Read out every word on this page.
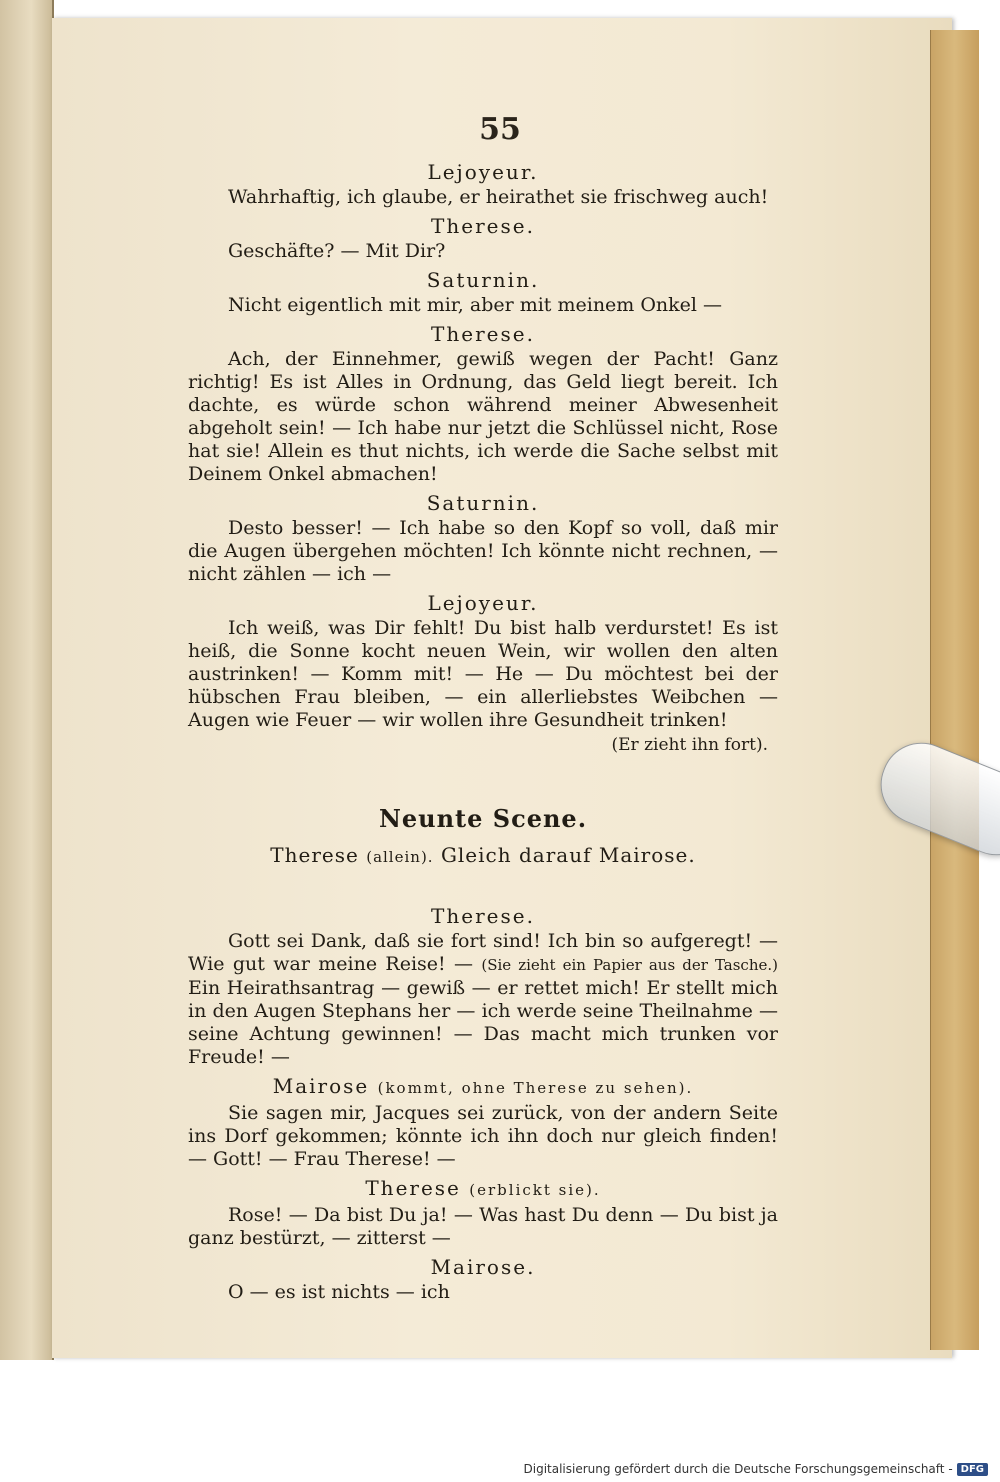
55
Lejoyeur.

Wahrhaftig, ich glaube, er heirathet sie frischweg auch!

Therese.

Geschäfte? — Mit Dir?

Saturnin.

Nicht eigentlich mit mir, aber mit meinem Onkel —

Therese.

Ach, der Einnehmer, gewiß wegen der Pacht! Ganz richtig! Es ist Alles in Ordnung, das Geld liegt bereit. Ich dachte, es würde schon während meiner Abwesenheit abgeholt sein! — Ich habe nur jetzt die Schlüssel nicht, Rose hat sie! Allein es thut nichts, ich werde die Sache selbst mit Deinem Onkel abmachen!

Saturnin.

Desto besser! — Ich habe so den Kopf so voll, daß mir die Augen übergehen möchten! Ich könnte nicht rechnen, — nicht zählen — ich —

Lejoyeur.

Ich weiß, was Dir fehlt! Du bist halb verdurstet! Es ist heiß, die Sonne kocht neuen Wein, wir wollen den alten austrinken! — Komm mit! — He — Du möchtest bei der hübschen Frau bleiben, — ein allerliebstes Weibchen — Augen wie Feuer — wir wollen ihre Gesundheit trinken!

(Er zieht ihn fort).
Neunte Scene.
Therese (allein). Gleich darauf Mairose.
Therese.

Gott sei Dank, daß sie fort sind! Ich bin so aufgeregt! — Wie gut war meine Reise! — (Sie zieht ein Papier aus der Tasche.) Ein Heirathsantrag — gewiß — er rettet mich! Er stellt mich in den Augen Stephans her — ich werde seine Theilnahme — seine Achtung gewinnen! — Das macht mich trunken vor Freude! —

Mairose (kommt, ohne Therese zu sehen).

Sie sagen mir, Jacques sei zurück, von der andern Seite ins Dorf gekommen; könnte ich ihn doch nur gleich finden! — Gott! — Frau Therese! —

Therese (erblickt sie).

Rose! — Da bist Du ja! — Was hast Du denn — Du bist ja ganz bestürzt, — zitterst —

Mairose.

O — es ist nichts — ich

Digitalisierung gefördert durch die Deutsche Forschungsgemeinschaft - DFG
